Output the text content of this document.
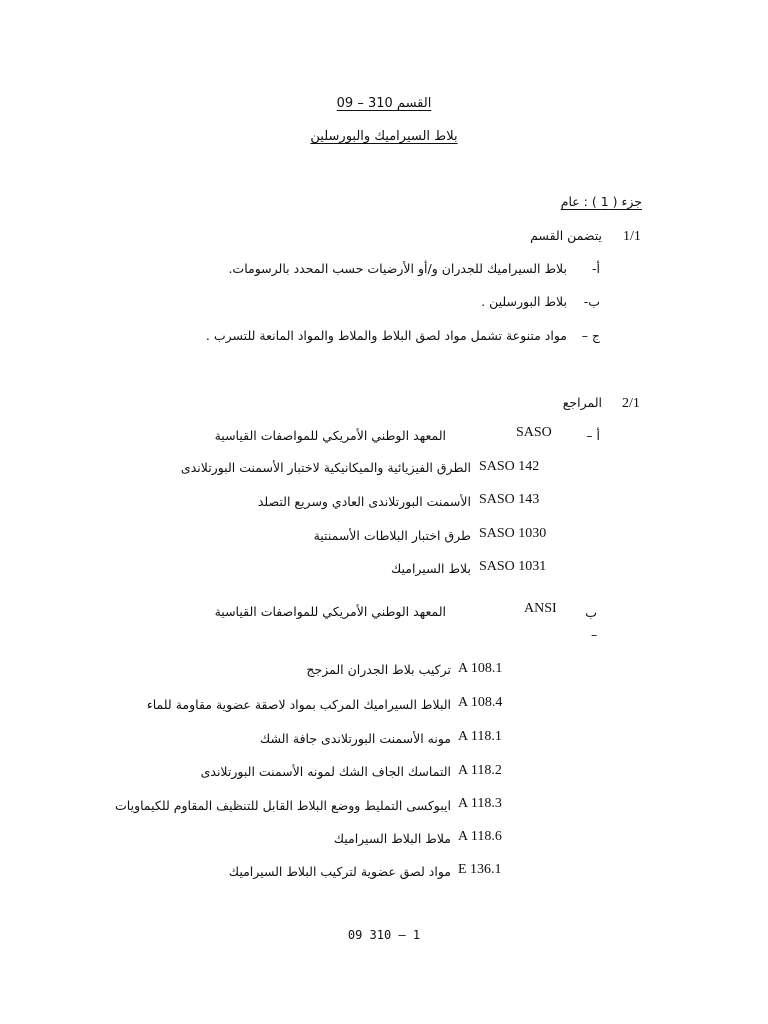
القسم 310 – 09
بلاط السيراميك والبورسلين
جزء ( 1 ) : عام
1/1
يتضمن القسم
أ-
بلاط السيراميك للجدران و/أو الأرضيات حسب المحدد بالرسومات.
ب-
بلاط البورسلين .
ج –
مواد متنوعة تشمل مواد لصق البلاط والملاط والمواد المانعة للتسرب .
2/1
المراجع
أ –
SASO
المعهد الوطني الأمريكي للمواصفات القياسية
SASO 142
الطرق الفيزيائية والميكانيكية لاختبار الأسمنت البورتلاندى
SASO 143
الأسمنت البورتلاندى العادي وسريع التصلد
SASO 1030
طرق اختبار البلاطات الأسمنتية
SASO 1031
بلاط السيراميك
ب
–
ANSI
المعهد الوطني الأمريكي للمواصفات القياسية
A 108.1
تركيب بلاط الجدران المزجج
A 108.4
البلاط السيراميك المركب بمواد لاصقة عضوية مقاومة للماء
A 118.1
مونه الأسمنت البورتلاندى جافة الشك
A 118.2
التماسك الجاف الشك لمونه الأسمنت البورتلاندى
A 118.3
ايبوكسى التمليط ووضع البلاط القابل للتنظيف المقاوم للكيماويات
A 118.6
ملاط البلاط السيراميك
E 136.1
مواد لصق عضوية لتركيب البلاط السيراميك
09 310 – 1
